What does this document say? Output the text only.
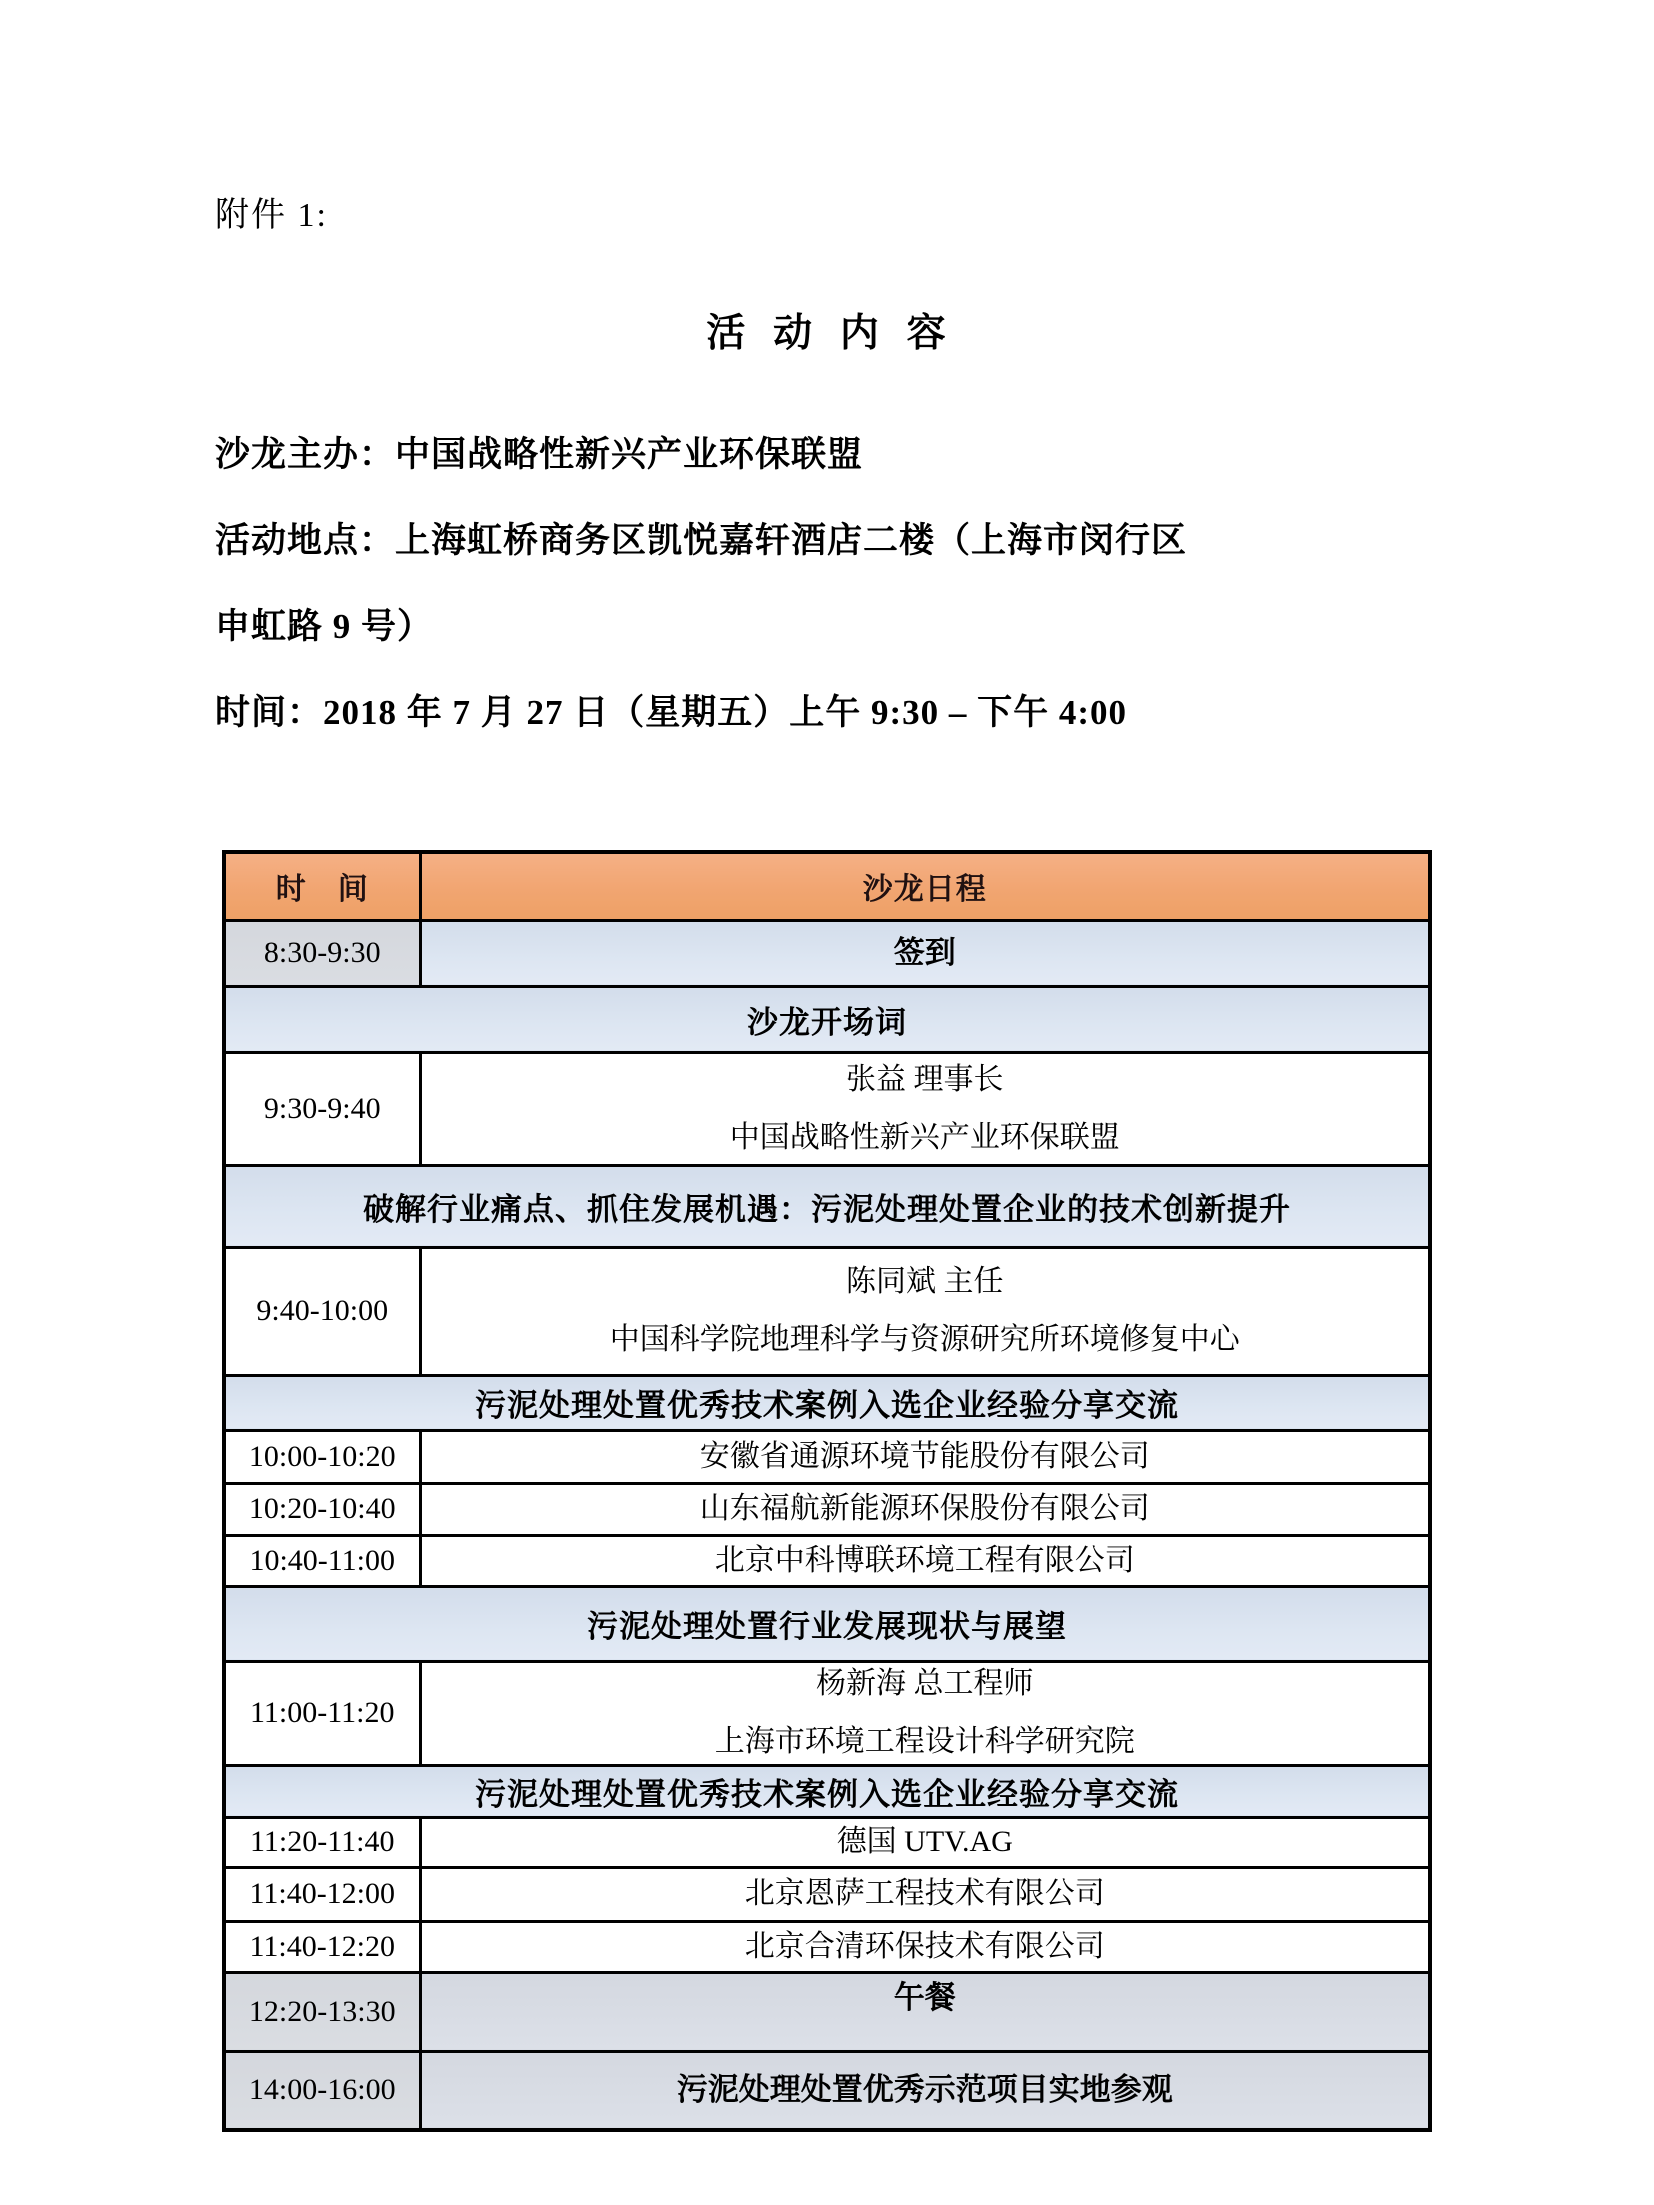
附件 1:
活 动 内 容
沙龙主办：中国战略性新兴产业环保联盟
活动地点：上海虹桥商务区凯悦嘉轩酒店二楼（上海市闵行区
申虹路 9 号）
时间：2018 年 7 月 27 日（星期五）上午 9:30 – 下午 4:00
时　间	沙龙日程
8:30-9:30	签到

沙龙开场词	
9:30-9:40	张益 理事长
中国战略性新兴产业环保联盟

破解行业痛点、抓住发展机遇：污泥处理处置企业的技术创新提升	
9:40-10:00	陈同斌 主任
中国科学院地理科学与资源研究所环境修复中心

污泥处理处置优秀技术案例入选企业经验分享交流	
10:00-10:20	安徽省通源环境节能股份有限公司

10:20-10:40	山东福航新能源环保股份有限公司

10:40-11:00	北京中科博联环境工程有限公司

污泥处理处置行业发展现状与展望	
11:00-11:20	杨新海 总工程师
上海市环境工程设计科学研究院

污泥处理处置优秀技术案例入选企业经验分享交流	
11:20-11:40	德国 UTV.AG

11:40-12:00	北京恩萨工程技术有限公司

11:40-12:20	北京合清环保技术有限公司

12:20-13:30	午餐

14:00-16:00	污泥处理处置优秀示范项目实地参观
